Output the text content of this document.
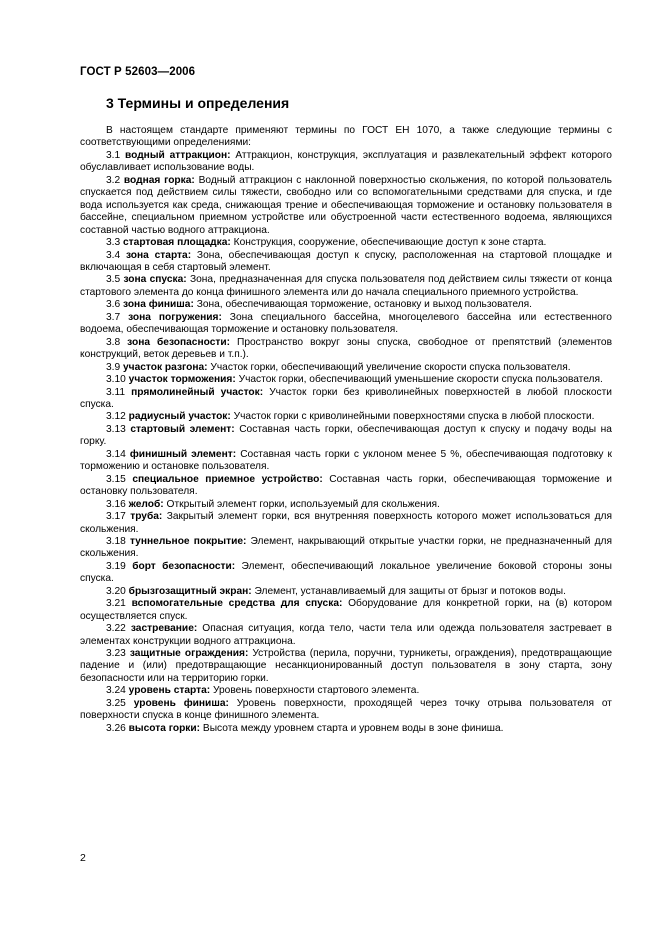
ГОСТ Р 52603—2006
3 Термины и определения

В настоящем стандарте применяют термины по ГОСТ ЕН 1070, а также следующие термины с соответствующими определениями:

3.1 водный аттракцион: Аттракцион, конструкция, эксплуатация и развлекательный эффект которого обуславливает использование воды.

3.2 водная горка: Водный аттракцион с наклонной поверхностью скольжения, по которой пользователь спускается под действием силы тяжести, свободно или со вспомогательными средствами для спуска, и где вода используется как среда, снижающая трение и обеспечивающая торможение и остановку пользователя в бассейне, специальном приемном устройстве или обустроенной части естественного водоема, являющихся составной частью водного аттракциона.

3.3 стартовая площадка: Конструкция, сооружение, обеспечивающие доступ к зоне старта.

3.4 зона старта: Зона, обеспечивающая доступ к спуску, расположенная на стартовой площадке и включающая в себя стартовый элемент.

3.5 зона спуска: Зона, предназначенная для спуска пользователя под действием силы тяжести от конца стартового элемента до конца финишного элемента или до начала специального приемного устройства.

3.6 зона финиша: Зона, обеспечивающая торможение, остановку и выход пользователя.

3.7 зона погружения: Зона специального бассейна, многоцелевого бассейна или естественного водоема, обеспечивающая торможение и остановку пользователя.

3.8 зона безопасности: Пространство вокруг зоны спуска, свободное от препятствий (элементов конструкций, веток деревьев и т.п.).

3.9 участок разгона: Участок горки, обеспечивающий увеличение скорости спуска пользователя.

3.10 участок торможения: Участок горки, обеспечивающий уменьшение скорости спуска пользователя.

3.11 прямолинейный участок: Участок горки без криволинейных поверхностей в любой плоскости спуска.

3.12 радиусный участок: Участок горки с криволинейными поверхностями спуска в любой плоскости.

3.13 стартовый элемент: Составная часть горки, обеспечивающая доступ к спуску и подачу воды на горку.

3.14 финишный элемент: Составная часть горки с уклоном менее 5 %, обеспечивающая подготовку к торможению и остановке пользователя.

3.15 специальное приемное устройство: Составная часть горки, обеспечивающая торможение и остановку пользователя.

3.16 желоб: Открытый элемент горки, используемый для скольжения.

3.17 труба: Закрытый элемент горки, вся внутренняя поверхность которого может использоваться для скольжения.

3.18 туннельное покрытие: Элемент, накрывающий открытые участки горки, не предназначенный для скольжения.

3.19 борт безопасности: Элемент, обеспечивающий локальное увеличение боковой стороны зоны спуска.

3.20 брызгозащитный экран: Элемент, устанавливаемый для защиты от брызг и потоков воды.

3.21 вспомогательные средства для спуска: Оборудование для конкретной горки, на (в) котором осуществляется спуск.

3.22 застревание: Опасная ситуация, когда тело, части тела или одежда пользователя застревает в элементах конструкции водного аттракциона.

3.23 защитные ограждения: Устройства (перила, поручни, турникеты, ограждения), предотвращающие падение и (или) предотвращающие несанкционированный доступ пользователя в зону старта, зону безопасности или на территорию горки.

3.24 уровень старта: Уровень поверхности стартового элемента.

3.25 уровень финиша: Уровень поверхности, проходящей через точку отрыва пользователя от поверхности спуска в конце финишного элемента.

3.26 высота горки: Высота между уровнем старта и уровнем воды в зоне финиша.

2
